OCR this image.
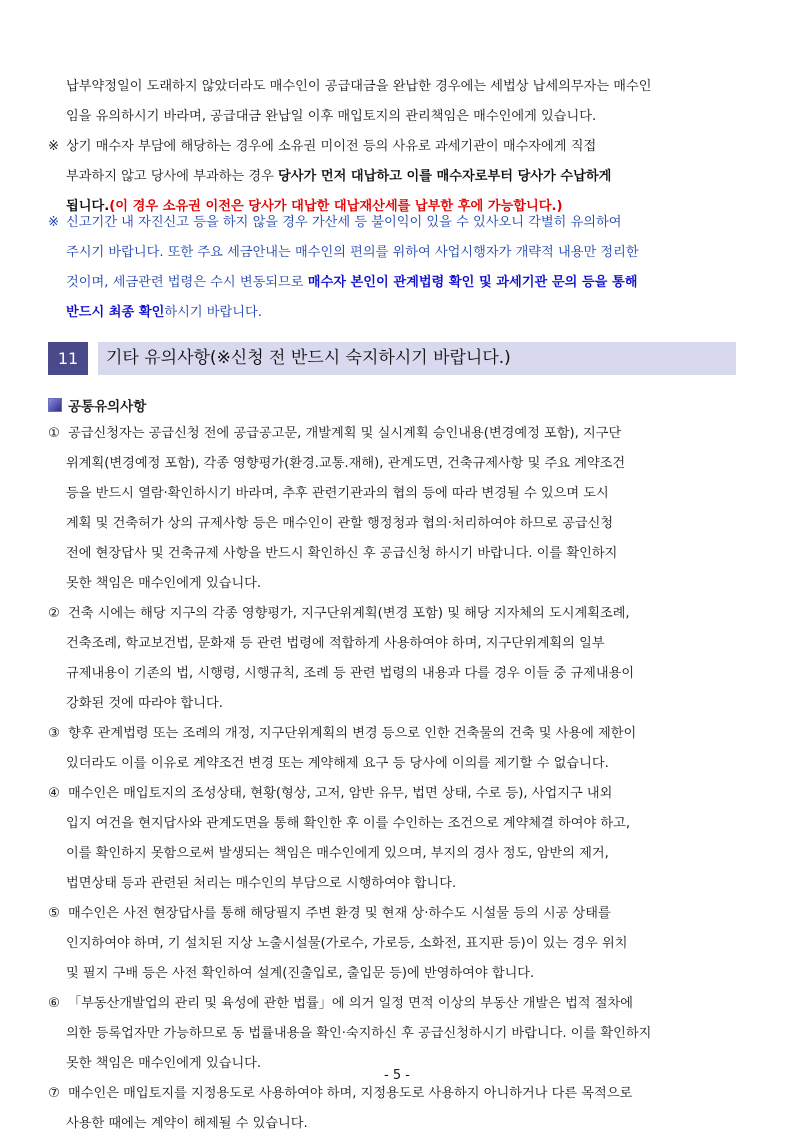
납부약정일이 도래하지 않았더라도 매수인이 공급대금을 완납한 경우에는 세법상 납세의무자는 매수인
임을 유의하시기 바라며, 공급대금 완납일 이후 매입토지의 관리책임은 매수인에게 있습니다.
※ 상기 매수자 부담에 해당하는 경우에 소유권 미이전 등의 사유로 과세기관이 매수자에게 직접
부과하지 않고 당사에 부과하는 경우 당사가 먼저 대납하고 이를 매수자로부터 당사가 수납하게
됩니다.(이 경우 소유권 이전은 당사가 대납한 대납재산세를 납부한 후에 가능합니다.)
※ 신고기간 내 자진신고 등을 하지 않을 경우 가산세 등 불이익이 있을 수 있사오니 각별히 유의하여
주시기 바랍니다. 또한 주요 세금안내는 매수인의 편의를 위하여 사업시행자가 개략적 내용만 정리한
것이며, 세금관련 법령은 수시 변동되므로 매수자 본인이 관계법령 확인 및 과세기관 문의 등을 통해
반드시 최종 확인하시기 바랍니다.
11	기타 유의사항(※신청 전 반드시 숙지하시기 바랍니다.)
공통유의사항
① 공급신청자는 공급신청 전에 공급공고문, 개발계획 및 실시계획 승인내용(변경예정 포함), 지구단
위계획(변경예정 포함), 각종 영향평가(환경.교통.재해), 관계도면, 건축규제사항 및 주요 계약조건
등을 반드시 열람·확인하시기 바라며, 추후 관련기관과의 협의 등에 따라 변경될 수 있으며 도시
계획 및 건축허가 상의 규제사항 등은 매수인이 관할 행정청과 협의·처리하여야 하므로 공급신청
전에 현장답사 및 건축규제 사항을 반드시 확인하신 후 공급신청 하시기 바랍니다. 이를 확인하지
못한 책임은 매수인에게 있습니다.
② 건축 시에는 해당 지구의 각종 영향평가, 지구단위계획(변경 포함) 및 해당 지자체의 도시계획조례,
건축조례, 학교보건법, 문화재 등 관련 법령에 적합하게 사용하여야 하며, 지구단위계획의 일부
규제내용이 기존의 법, 시행령, 시행규칙, 조례 등 관련 법령의 내용과 다를 경우 이들 중 규제내용이
강화된 것에 따라야 합니다.
③ 향후 관계법령 또는 조례의 개정, 지구단위계획의 변경 등으로 인한 건축물의 건축 및 사용에 제한이
있더라도 이를 이유로 계약조건 변경 또는 계약해제 요구 등 당사에 이의를 제기할 수 없습니다.
④ 매수인은 매입토지의 조성상태, 현황(형상, 고저, 암반 유무, 법면 상태, 수로 등), 사업지구 내외
입지 여건을 현지답사와 관계도면을 통해 확인한 후 이를 수인하는 조건으로 계약체결 하여야 하고,
이를 확인하지 못함으로써 발생되는 책임은 매수인에게 있으며, 부지의 경사 정도, 암반의 제거,
법면상태 등과 관련된 처리는 매수인의 부담으로 시행하여야 합니다.
⑤ 매수인은 사전 현장답사를 통해 해당필지 주변 환경 및 현재 상·하수도 시설물 등의 시공 상태를
인지하여야 하며, 기 설치된 지상 노출시설물(가로수, 가로등, 소화전, 표지판 등)이 있는 경우 위치
및 필지 구배 등은 사전 확인하여 설계(진출입로, 출입문 등)에 반영하여야 합니다.
⑥ 「부동산개발업의 관리 및 육성에 관한 법률」에 의거 일정 면적 이상의 부동산 개발은 법적 절차에
의한 등록업자만 가능하므로 동 법률내용을 확인·숙지하신 후 공급신청하시기 바랍니다. 이를 확인하지
못한 책임은 매수인에게 있습니다.
⑦ 매수인은 매입토지를 지정용도로 사용하여야 하며, 지정용도로 사용하지 아니하거나 다른 목적으로
사용한 때에는 계약이 해제될 수 있습니다.
- 5 -
